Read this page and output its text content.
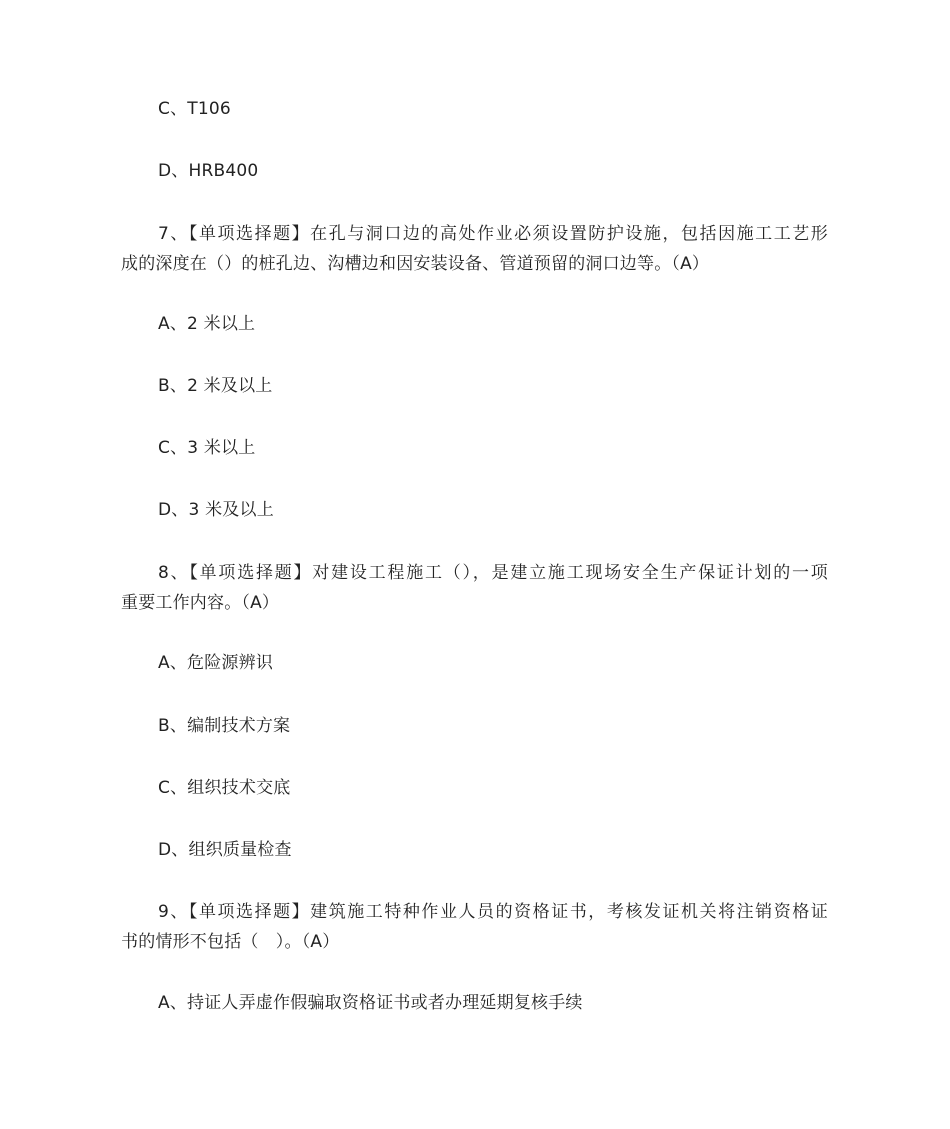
C、T106
D、HRB400
7、【单项选择题】在孔与洞口边的高处作业必须设置防护设施，包括因施工工艺形
成的深度在（）的桩孔边、沟槽边和因安装设备、管道预留的洞口边等。（A）
A、2 米以上
B、2 米及以上
C、3 米以上
D、3 米及以上
8、【单项选择题】对建设工程施工（），是建立施工现场安全生产保证计划的一项
重要工作内容。（A）
A、危险源辨识
B、编制技术方案
C、组织技术交底
D、组织质量检查
9、【单项选择题】建筑施工特种作业人员的资格证书，考核发证机关将注销资格证
书的情形不包括（　）。（A）
A、持证人弄虚作假骗取资格证书或者办理延期复核手续
